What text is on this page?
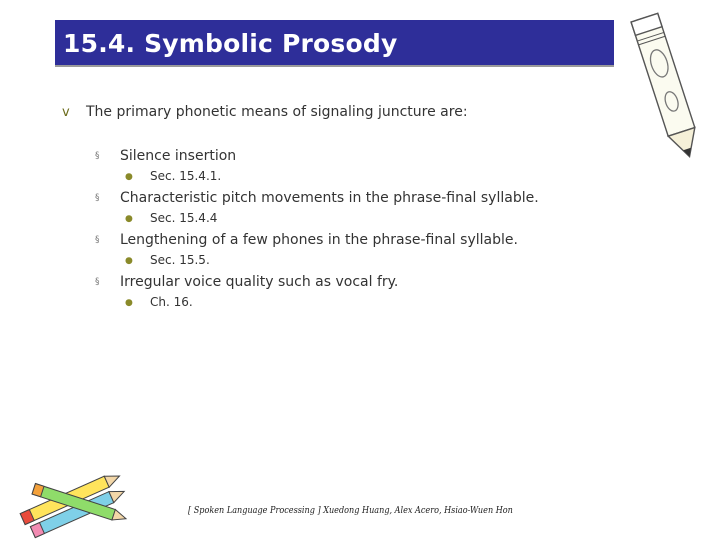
15.4. Symbolic Prosody
v The primary phonetic means of signaling juncture are:
§ Silence insertion
● Sec. 15.4.1.
§ Characteristic pitch movements in the phrase-final syllable.
● Sec. 15.4.4
§ Lengthening of a few phones in the phrase-final syllable.
● Sec. 15.5.
§ Irregular voice quality such as vocal fry.
● Ch. 16.
[ Spoken Language Processing ] Xuedong Huang, Alex Acero, Hsiao-Wuen Hon
